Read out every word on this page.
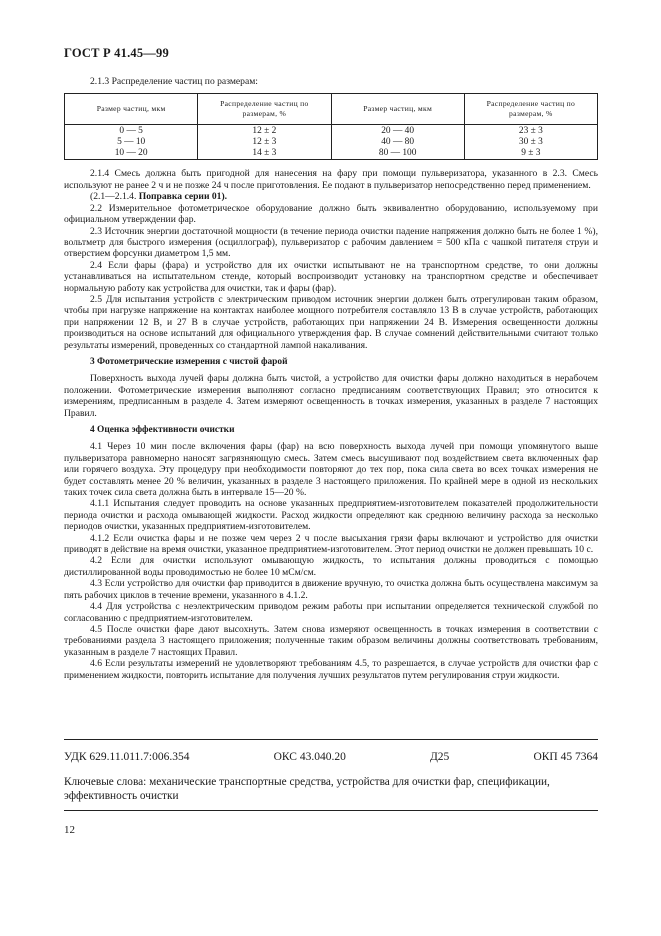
ГОСТ Р 41.45—99

2.1.3 Распределение частиц по размерам:

Размер частиц, мкм	Распределение частиц по размерам, %	Размер частиц, мкм	Распределение частиц по размерам, %
0 — 5	12 ± 2	20 — 40	23 ± 3
5 — 10	12 ± 3	40 — 80	30 ± 3
10 — 20	14 ± 3	80 — 100	9 ± 3

2.1.4 Смесь должна быть пригодной для нанесения на фару при помощи пульверизатора, указанного в 2.3. Смесь используют не ранее 2 ч и не позже 24 ч после приготовления. Ее подают в пульверизатор непосредственно перед применением.

(2.1—2.1.4. Поправка серии 01).

2.2 Измерительное фотометрическое оборудование должно быть эквивалентно оборудованию, используемому при официальном утверждении фар.

2.3 Источник энергии достаточной мощности (в течение периода очистки падение напряжения должно быть не более 1 %), вольтметр для быстрого измерения (осциллограф), пульверизатор с рабочим давлением = 500 кПа с чашкой питателя струи и отверстием форсунки диаметром 1,5 мм.

2.4 Если фары (фара) и устройство для их очистки испытывают не на транспортном средстве, то они должны устанавливаться на испытательном стенде, который воспроизводит установку на транспортном средстве и обеспечивает нормальную работу как устройства для очистки, так и фары (фар).

2.5 Для испытания устройств с электрическим приводом источник энергии должен быть отрегулирован таким образом, чтобы при нагрузке напряжение на контактах наиболее мощного потребителя составляло 13 В в случае устройств, работающих при напряжении 12 В, и 27 В в случае устройств, работающих при напряжении 24 В. Измерения освещенности должны производиться на основе испытаний для официального утверждения фар. В случае сомнений действительными считают только результаты измерений, проведенных со стандартной лампой накаливания.

3 Фотометрические измерения с чистой фарой

Поверхность выхода лучей фары должна быть чистой, а устройство для очистки фары должно находиться в нерабочем положении. Фотометрические измерения выполняют согласно предписаниям соответствующих Правил; это относится к измерениям, предписанным в разделе 4. Затем измеряют освещенность в точках измерения, указанных в разделе 7 настоящих Правил.

4 Оценка эффективности очистки

4.1 Через 10 мин после включения фары (фар) на всю поверхность выхода лучей при помощи упомянутого выше пульверизатора равномерно наносят загрязняющую смесь. Затем смесь высушивают под воздействием света включенных фар или горячего воздуха. Эту процедуру при необходимости повторяют до тех пор, пока сила света во всех точках измерения не будет составлять менее 20 % величин, указанных в разделе 3 настоящего приложения. По крайней мере в одной из нескольких таких точек сила света должна быть в интервале 15—20 %.

4.1.1 Испытания следует проводить на основе указанных предприятием-изготовителем показателей продолжительности периода очистки и расхода омывающей жидкости. Расход жидкости определяют как среднюю величину расхода за несколько периодов очистки, указанных предприятием-изготовителем.

4.1.2 Если очистка фары и не позже чем через 2 ч после высыхания грязи фары включают и устройство для очистки приводят в действие на время очистки, указанное предприятием-изготовителем. Этот период очистки не должен превышать 10 с.

4.2 Если для очистки используют омывающую жидкость, то испытания должны проводиться с помощью дистиллированной воды проводимостью не более 10 мСм/см.

4.3 Если устройство для очистки фар приводится в движение вручную, то очистка должна быть осуществлена максимум за пять рабочих циклов в течение времени, указанного в 4.1.2.

4.4 Для устройства с неэлектрическим приводом режим работы при испытании определяется технической службой по согласованию с предприятием-изготовителем.

4.5 После очистки фаре дают высохнуть. Затем снова измеряют освещенность в точках измерения в соответствии с требованиями раздела 3 настоящего приложения; полученные таким образом величины должны соответствовать требованиям, указанным в разделе 7 настоящих Правил.

4.6 Если результаты измерений не удовлетворяют требованиям 4.5, то разрешается, в случае устройств для очистки фар с применением жидкости, повторить испытание для получения лучших результатов путем регулирования струи жидкости.

УДК 629.11.011.7:006.354	ОКС 43.040.20	Д25	ОКП 45 7364
Ключевые слова: механические транспортные средства, устройства для очистки фар, спецификации, эффективность очистки
12
